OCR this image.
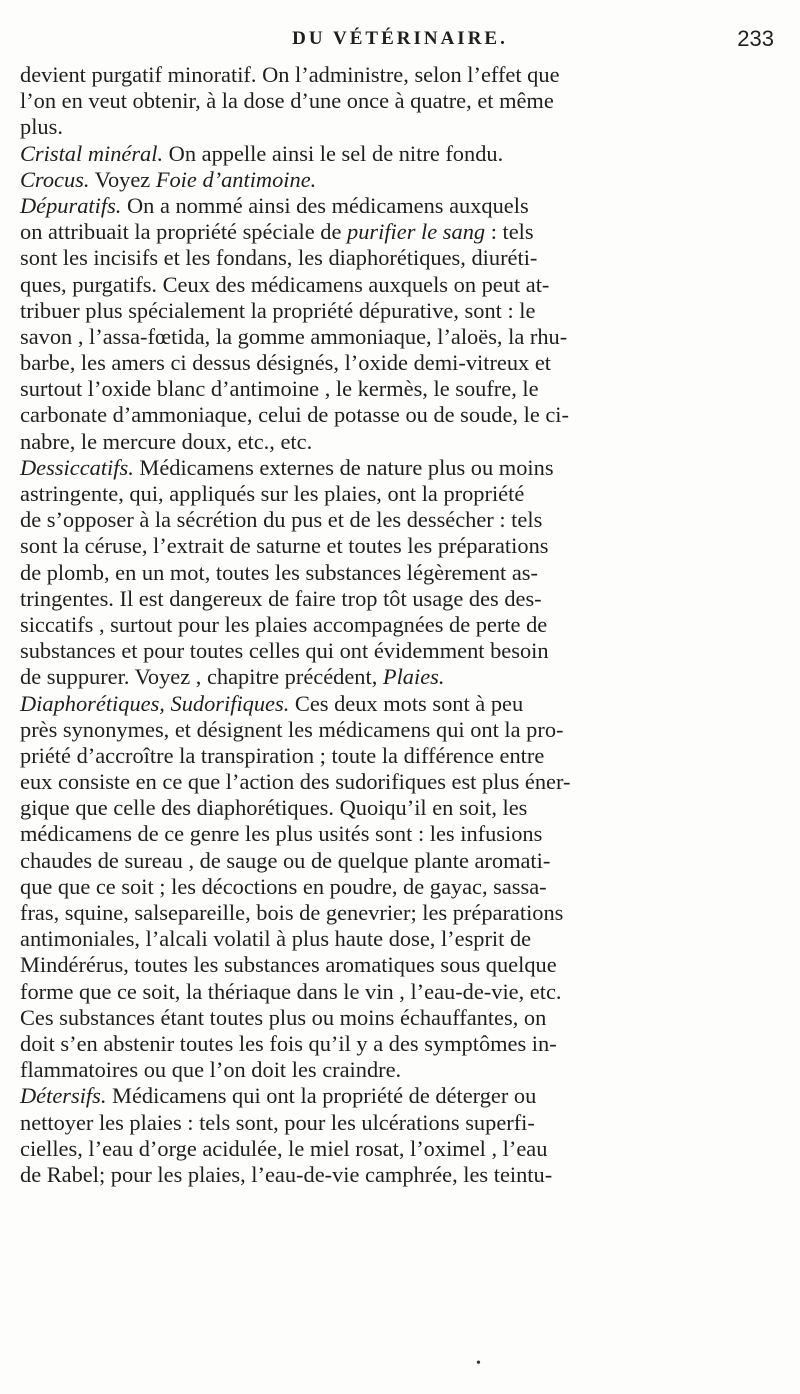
DU VÉTÉRINAIRE.	233
devient purgatif minoratif. On l’administre, selon l’effet que
l’on en veut obtenir, à la dose d’une once à quatre, et même
plus.
Cristal minéral. On appelle ainsi le sel de nitre fondu.
Crocus. Voyez Foie d’antimoine.
Dépuratifs. On a nommé ainsi des médicamens auxquels
on attribuait la propriété spéciale de purifier le sang : tels
sont les incisifs et les fondans, les diaphorétiques, diuréti-
ques, purgatifs. Ceux des médicamens auxquels on peut at-
tribuer plus spécialement la propriété dépurative, sont : le
savon , l’assa-fœtida, la gomme ammoniaque, l’aloës, la rhu-
barbe, les amers ci dessus désignés, l’oxide demi-vitreux et
surtout l’oxide blanc d’antimoine , le kermès, le soufre, le
carbonate d’ammoniaque, celui de potasse ou de soude, le ci-
nabre, le mercure doux, etc., etc.
Dessiccatifs. Médicamens externes de nature plus ou moins
astringente, qui, appliqués sur les plaies, ont la propriété
de s’opposer à la sécrétion du pus et de les dessécher : tels
sont la céruse, l’extrait de saturne et toutes les préparations
de plomb, en un mot, toutes les substances légèrement as-
tringentes. Il est dangereux de faire trop tôt usage des des-
siccatifs , surtout pour les plaies accompagnées de perte de
substances et pour toutes celles qui ont évidemment besoin
de suppurer. Voyez , chapitre précédent, Plaies.
Diaphorétiques, Sudorifiques. Ces deux mots sont à peu
près synonymes, et désignent les médicamens qui ont la pro-
priété d’accroître la transpiration ; toute la différence entre
eux consiste en ce que l’action des sudorifiques est plus éner-
gique que celle des diaphorétiques. Quoiqu’il en soit, les
médicamens de ce genre les plus usités sont : les infusions
chaudes de sureau , de sauge ou de quelque plante aromati-
que que ce soit ; les décoctions en poudre, de gayac, sassa-
fras, squine, salsepareille, bois de genevrier; les préparations
antimoniales, l’alcali volatil à plus haute dose, l’esprit de
Mindérérus, toutes les substances aromatiques sous quelque
forme que ce soit, la thériaque dans le vin , l’eau-de-vie, etc.
Ces substances étant toutes plus ou moins échauffantes, on
doit s’en abstenir toutes les fois qu’il y a des symptômes in-
flammatoires ou que l’on doit les craindre.
Détersifs. Médicamens qui ont la propriété de déterger ou
nettoyer les plaies : tels sont, pour les ulcérations superfi-
cielles, l’eau d’orge acidulée, le miel rosat, l’oximel , l’eau
de Rabel; pour les plaies, l’eau-de-vie camphrée, les teintu-
•
